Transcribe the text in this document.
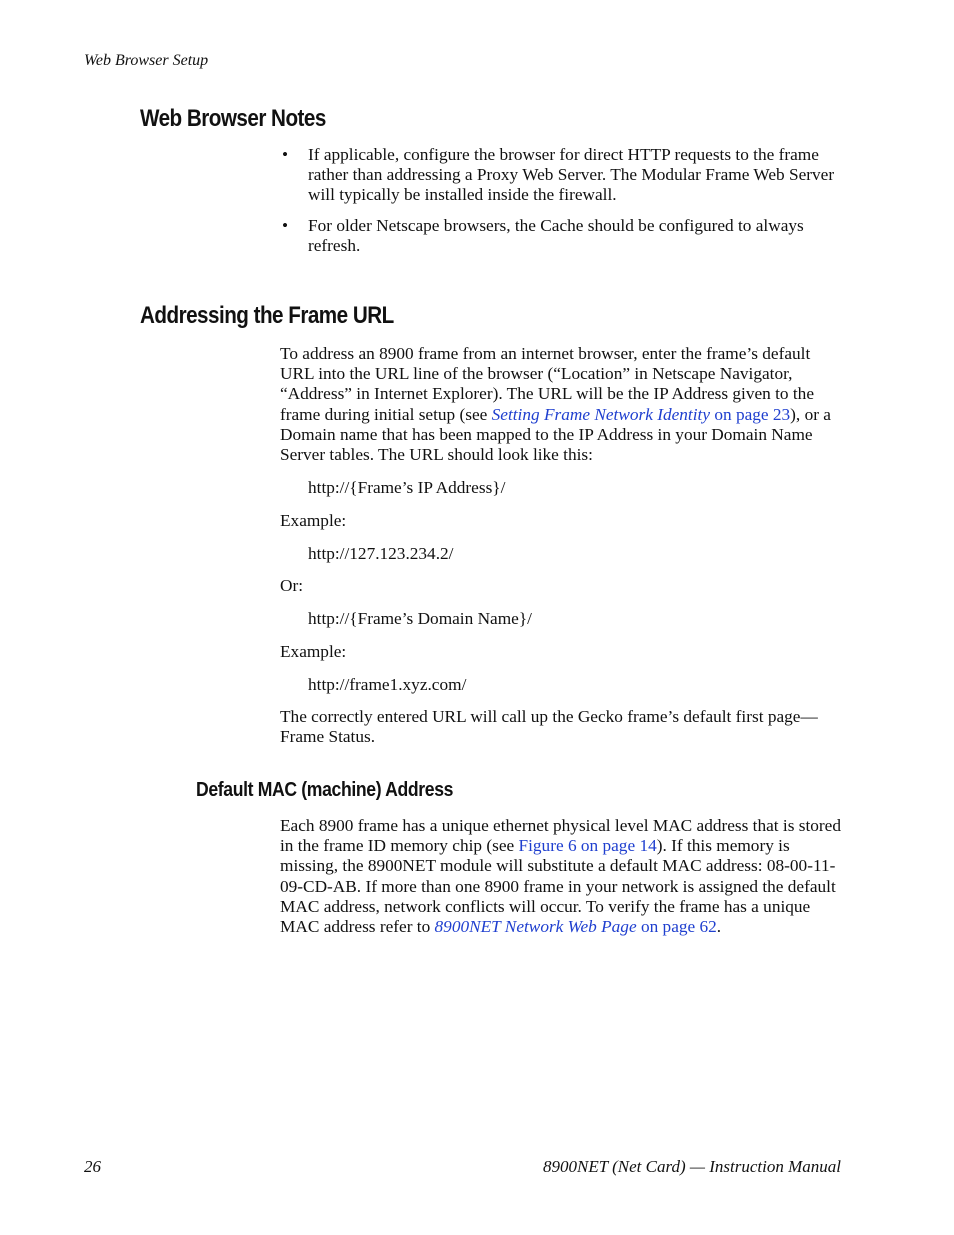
Web Browser Setup
Web Browser Notes
•	If applicable, configure the browser for direct HTTP requests to the frame rather than addressing a Proxy Web Server. The Modular Frame Web Server will typically be installed inside the firewall.
•	For older Netscape browsers, the Cache should be configured to always refresh.
Addressing the Frame URL
To address an 8900 frame from an internet browser, enter the frame’s default URL into the URL line of the browser (“Location” in Netscape Navigator, “Address” in Internet Explorer). The URL will be the IP Address given to the frame during initial setup (see Setting Frame Network Identity on page 23), or a Domain name that has been mapped to the IP Address in your Domain Name Server tables. The URL should look like this:
http://{Frame’s IP Address}/
Example:
http://127.123.234.2/
Or:
http://{Frame’s Domain Name}/
Example:
http://frame1.xyz.com/
The correctly entered URL will call up the Gecko frame’s default first page—Frame Status.
Default MAC (machine) Address
Each 8900 frame has a unique ethernet physical level MAC address that is stored in the frame ID memory chip (see Figure 6 on page 14). If this memory is missing, the 8900NET module will substitute a default MAC address: 08-00-11-09-CD-AB. If more than one 8900 frame in your network is assigned the default MAC address, network conflicts will occur. To verify the frame has a unique MAC address refer to 8900NET Network Web Page on page 62.
26	8900NET (Net Card) — Instruction Manual
